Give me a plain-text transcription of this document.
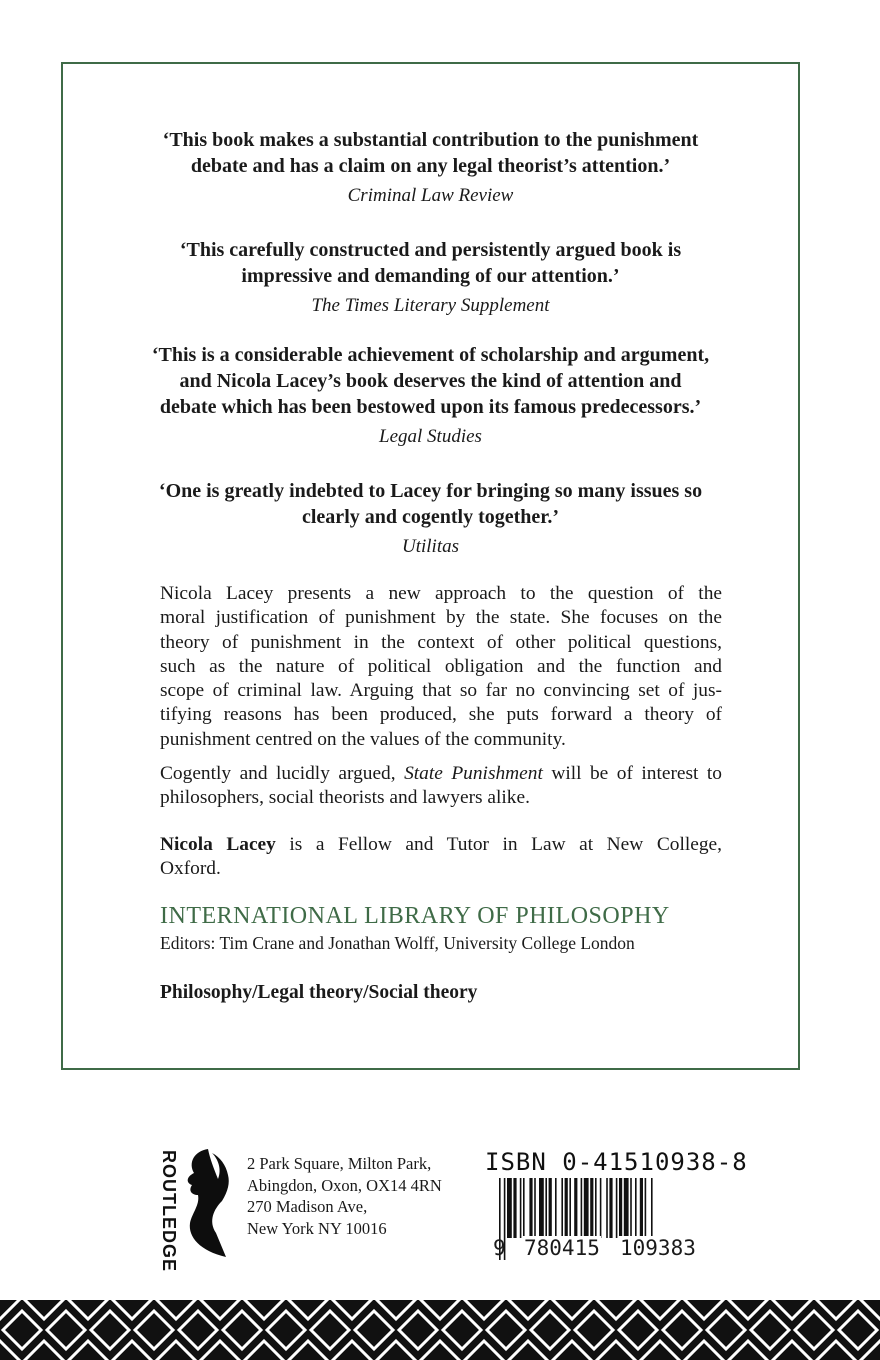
‘This book makes a substantial contribution to the punishment
debate and has a claim on any legal theorist’s attention.’
Criminal Law Review
‘This carefully constructed and persistently argued book is
impressive and demanding of our attention.’
The Times Literary Supplement
‘This is a considerable achievement of scholarship and argument,
and Nicola Lacey’s book deserves the kind of attention and
debate which has been bestowed upon its famous predecessors.’
Legal Studies
‘One is greatly indebted to Lacey for bringing so many issues so
clearly and cogently together.’
Utilitas
Nicola Lacey presents a new approach to the question of the
moral justification of punishment by the state. She focuses on the
theory of punishment in the context of other political questions,
such as the nature of political obligation and the function and
scope of criminal law. Arguing that so far no convincing set of jus-
tifying reasons has been produced, she puts forward a theory of
punishment centred on the values of the community.
Cogently and lucidly argued, State Punishment will be of interest to
philosophers, social theorists and lawyers alike.
Nicola Lacey is a Fellow and Tutor in Law at New College,
Oxford.
INTERNATIONAL LIBRARY OF PHILOSOPHY
Editors: Tim Crane and Jonathan Wolff, University College London
Philosophy/Legal theory/Social theory
ROUTLEDGE	2 Park Square, Milton Park,
Abingdon, Oxon, OX14 4RN
270 Madison Ave,
New York NY 10016
ISBN 0-41510938-8
9 780415 109383
